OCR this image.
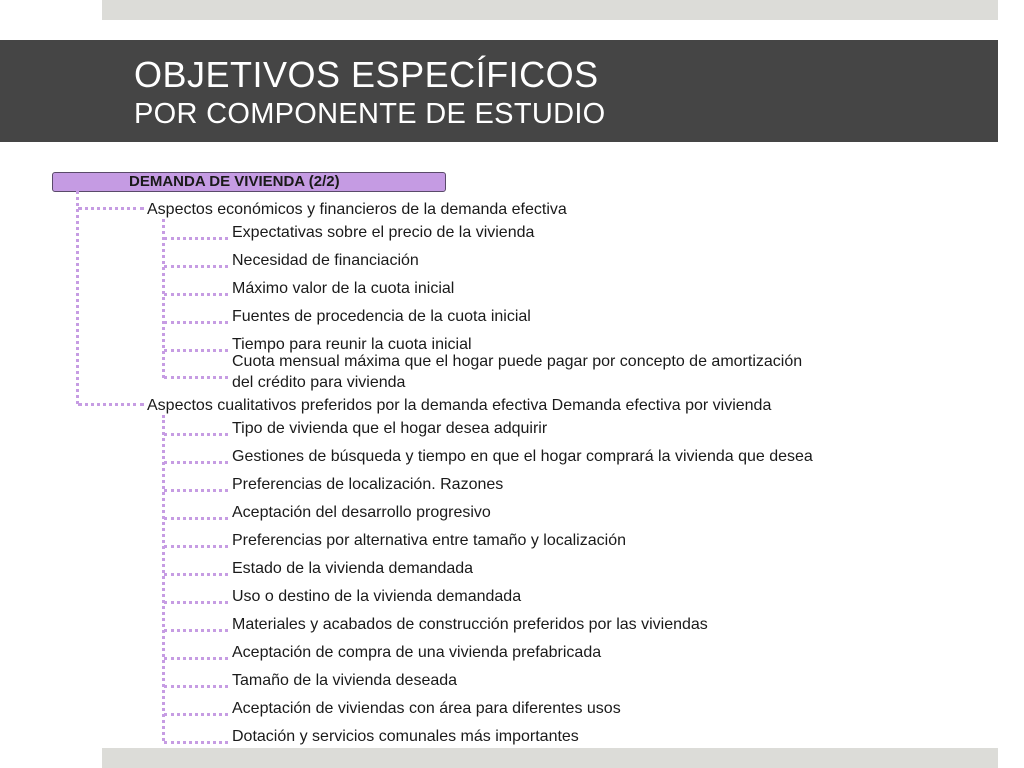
OBJETIVOS ESPECÍFICOS
POR COMPONENTE DE ESTUDIO
DEMANDA DE VIVIENDA (2/2)
Aspectos económicos y financieros de la demanda efectiva
Expectativas sobre el precio de la vivienda
Necesidad de financiación
Máximo valor de la cuota inicial
Fuentes de procedencia de la cuota inicial
Tiempo para reunir la cuota inicial
Cuota mensual máxima que el hogar puede pagar por concepto de amortización
del crédito para vivienda
Aspectos cualitativos preferidos por la demanda efectiva Demanda efectiva por vivienda
Tipo de vivienda que el hogar desea adquirir
Gestiones de búsqueda y tiempo en que el hogar comprará la vivienda que desea
Preferencias de localización. Razones
Aceptación del desarrollo progresivo
Preferencias por alternativa entre tamaño y localización
Estado de la vivienda demandada
Uso o destino de la vivienda demandada
Materiales y acabados de construcción preferidos por las viviendas
Aceptación de compra de una vivienda prefabricada
Tamaño de la vivienda deseada
Aceptación de viviendas con área para diferentes usos
Dotación y servicios comunales más importantes
